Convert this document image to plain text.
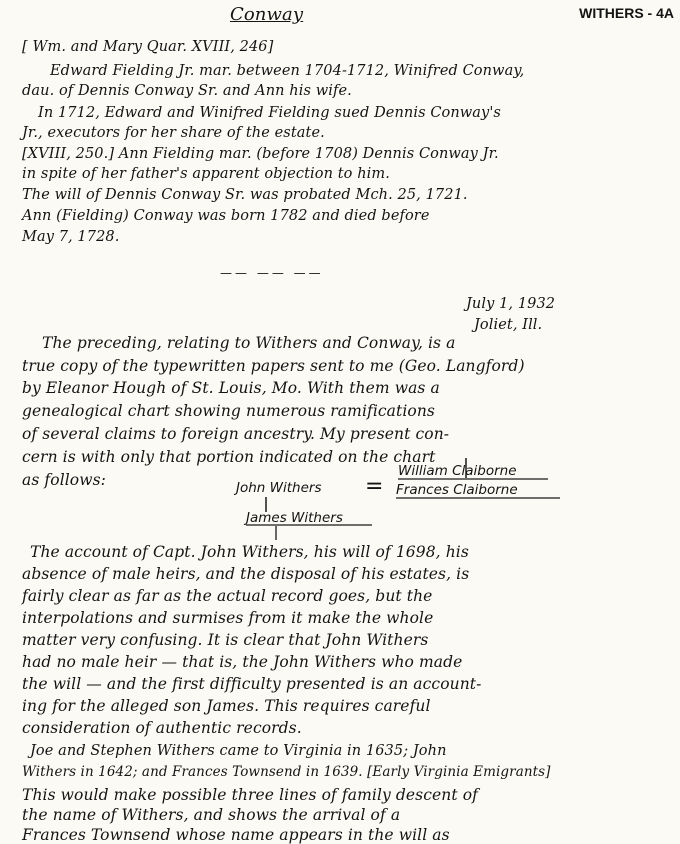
Conway	WITHERS - 4A
[ Wm. and Mary Quar. XVIII, 246]
Edward Fielding Jr. mar. between 1704-1712, Winifred Conway,
dau. of Dennis Conway Sr. and Ann his wife.
In 1712, Edward and Winifred Fielding sued Dennis Conway's
Jr., executors for her share of the estate.
[XVIII, 250.] Ann Fielding mar. (before 1708) Dennis Conway Jr.
in spite of her father's apparent objection to him.
The will of Dennis Conway Sr. was probated Mch. 25, 1721.
Ann (Fielding) Conway was born 1782 and died before
May 7, 1728.
—— —— ——
July 1, 1932
Joliet, Ill.
The preceding, relating to Withers and Conway, is a
true copy of the typewritten papers sent to me (Geo. Langford)
by Eleanor Hough of St. Louis, Mo. With them was a
genealogical chart showing numerous ramifications
of several claims to foreign ancestry. My present con-
cern is with only that portion indicated on the chart
as follows:	William Claiborne
John Withers = Frances Claiborne
James Withers
The account of Capt. John Withers, his will of 1698, his
absence of male heirs, and the disposal of his estates, is
fairly clear as far as the actual record goes, but the
interpolations and surmises from it make the whole
matter very confusing. It is clear that John Withers
had no male heir — that is, the John Withers who made
the will — and the first difficulty presented is an account-
ing for the alleged son James. This requires careful
consideration of authentic records.
Joe and Stephen Withers came to Virginia in 1635; John
Withers in 1642; and Frances Townsend in 1639. [Early Virginia Emigrants]
This would make possible three lines of family descent of
the name of Withers, and shows the arrival of a
Frances Townsend whose name appears in the will as
